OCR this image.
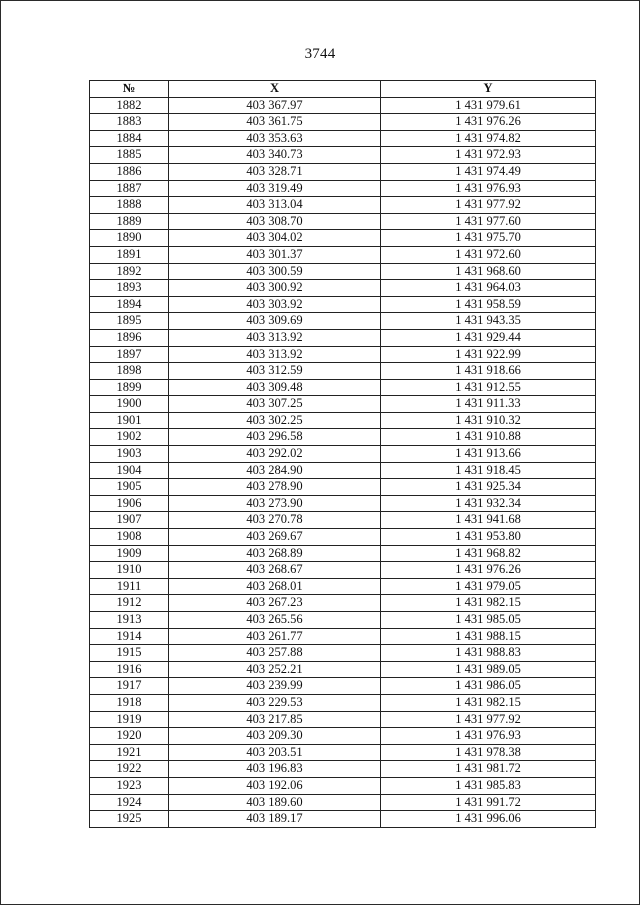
3744
№	X	Y
1882	403 367.97	1 431 979.61
1883	403 361.75	1 431 976.26
1884	403 353.63	1 431 974.82
1885	403 340.73	1 431 972.93
1886	403 328.71	1 431 974.49
1887	403 319.49	1 431 976.93
1888	403 313.04	1 431 977.92
1889	403 308.70	1 431 977.60
1890	403 304.02	1 431 975.70
1891	403 301.37	1 431 972.60
1892	403 300.59	1 431 968.60
1893	403 300.92	1 431 964.03
1894	403 303.92	1 431 958.59
1895	403 309.69	1 431 943.35
1896	403 313.92	1 431 929.44
1897	403 313.92	1 431 922.99
1898	403 312.59	1 431 918.66
1899	403 309.48	1 431 912.55
1900	403 307.25	1 431 911.33
1901	403 302.25	1 431 910.32
1902	403 296.58	1 431 910.88
1903	403 292.02	1 431 913.66
1904	403 284.90	1 431 918.45
1905	403 278.90	1 431 925.34
1906	403 273.90	1 431 932.34
1907	403 270.78	1 431 941.68
1908	403 269.67	1 431 953.80
1909	403 268.89	1 431 968.82
1910	403 268.67	1 431 976.26
1911	403 268.01	1 431 979.05
1912	403 267.23	1 431 982.15
1913	403 265.56	1 431 985.05
1914	403 261.77	1 431 988.15
1915	403 257.88	1 431 988.83
1916	403 252.21	1 431 989.05
1917	403 239.99	1 431 986.05
1918	403 229.53	1 431 982.15
1919	403 217.85	1 431 977.92
1920	403 209.30	1 431 976.93
1921	403 203.51	1 431 978.38
1922	403 196.83	1 431 981.72
1923	403 192.06	1 431 985.83
1924	403 189.60	1 431 991.72
1925	403 189.17	1 431 996.06
